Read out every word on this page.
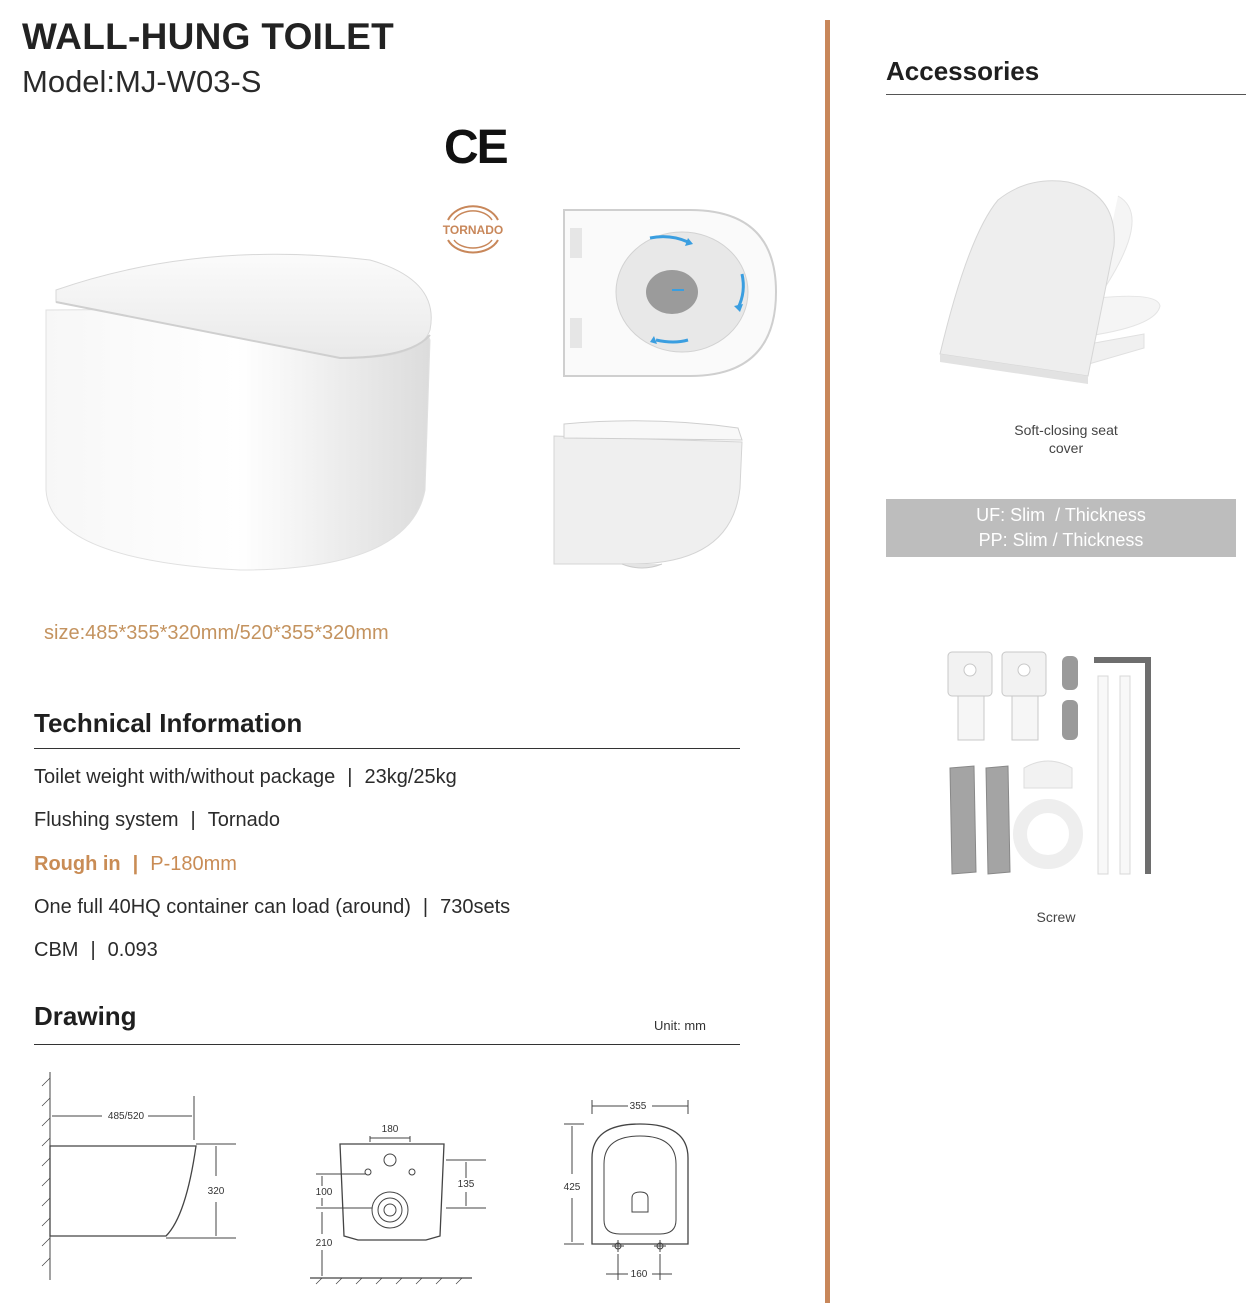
WALL-HUNG TOILET
Model:MJ-W03-S
CE
TORNADO
size:485*355*320mm/520*355*320mm
Technical Information
Toilet weight with/without package | 23kg/25kg
Flushing system | Tornado
Rough in | P-180mm
One full 40HQ container can load (around) | 730sets
CBM | 0.093
Drawing	Unit: mm
485/520
320
180
100
135
210
355
425
160
Accessories
Soft-closing seat
cover
UF: Slim  / Thickness
PP: Slim / Thickness
Screw
